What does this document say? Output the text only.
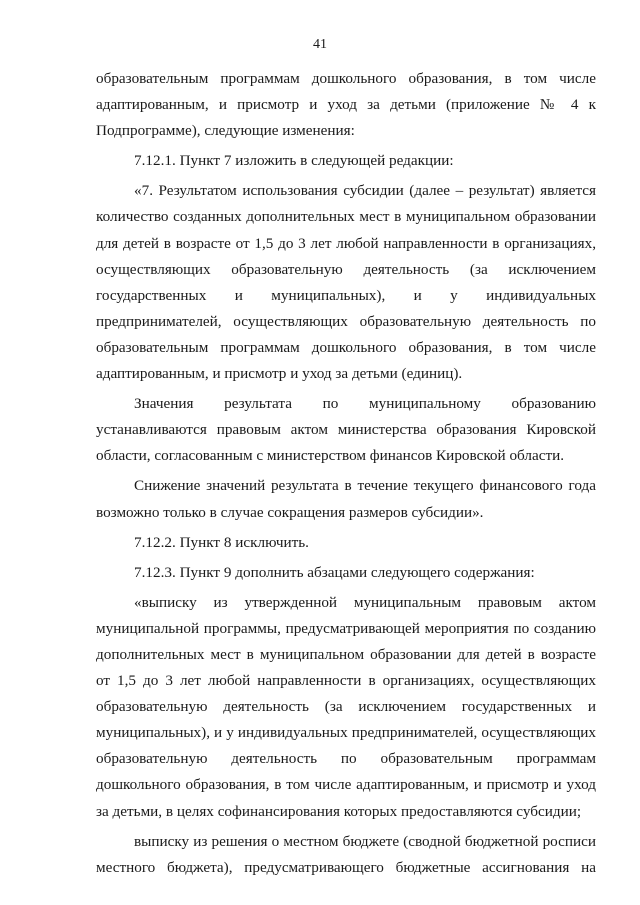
41
образовательным программам дошкольного образования, в том числе
адаптированным, и присмотр и уход за детьми (приложение № 4 к
Подпрограмме), следующие изменения:
7.12.1. Пункт 7 изложить в следующей редакции:
«7. Результатом использования субсидии (далее – результат) является
количество созданных дополнительных мест в муниципальном образовании
для детей в возрасте от 1,5 до 3 лет любой направленности в организациях,
осуществляющих образовательную деятельность (за исключением
государственных и муниципальных), и у индивидуальных
предпринимателей, осуществляющих образовательную деятельность по
образовательным программам дошкольного образования, в том числе
адаптированным, и присмотр и уход за детьми (единиц).
Значения результата по муниципальному образованию
устанавливаются правовым актом министерства образования Кировской
области, согласованным с министерством финансов Кировской области.
Снижение значений результата в течение текущего финансового года
возможно только в случае сокращения размеров субсидии».
7.12.2. Пункт 8 исключить.
7.12.3. Пункт 9 дополнить абзацами следующего содержания:
«выписку из утвержденной муниципальным правовым актом
муниципальной программы, предусматривающей мероприятия по созданию
дополнительных мест в муниципальном образовании для детей в возрасте
от 1,5 до 3 лет любой направленности в организациях, осуществляющих
образовательную деятельность (за исключением государственных и
муниципальных), и у индивидуальных предпринимателей, осуществляющих
образовательную деятельность по образовательным программам
дошкольного образования, в том числе адаптированным, и присмотр и уход
за детьми, в целях софинансирования которых предоставляются субсидии;
выписку из решения о местном бюджете (сводной бюджетной росписи
местного бюджета), предусматривающего бюджетные ассигнования на
